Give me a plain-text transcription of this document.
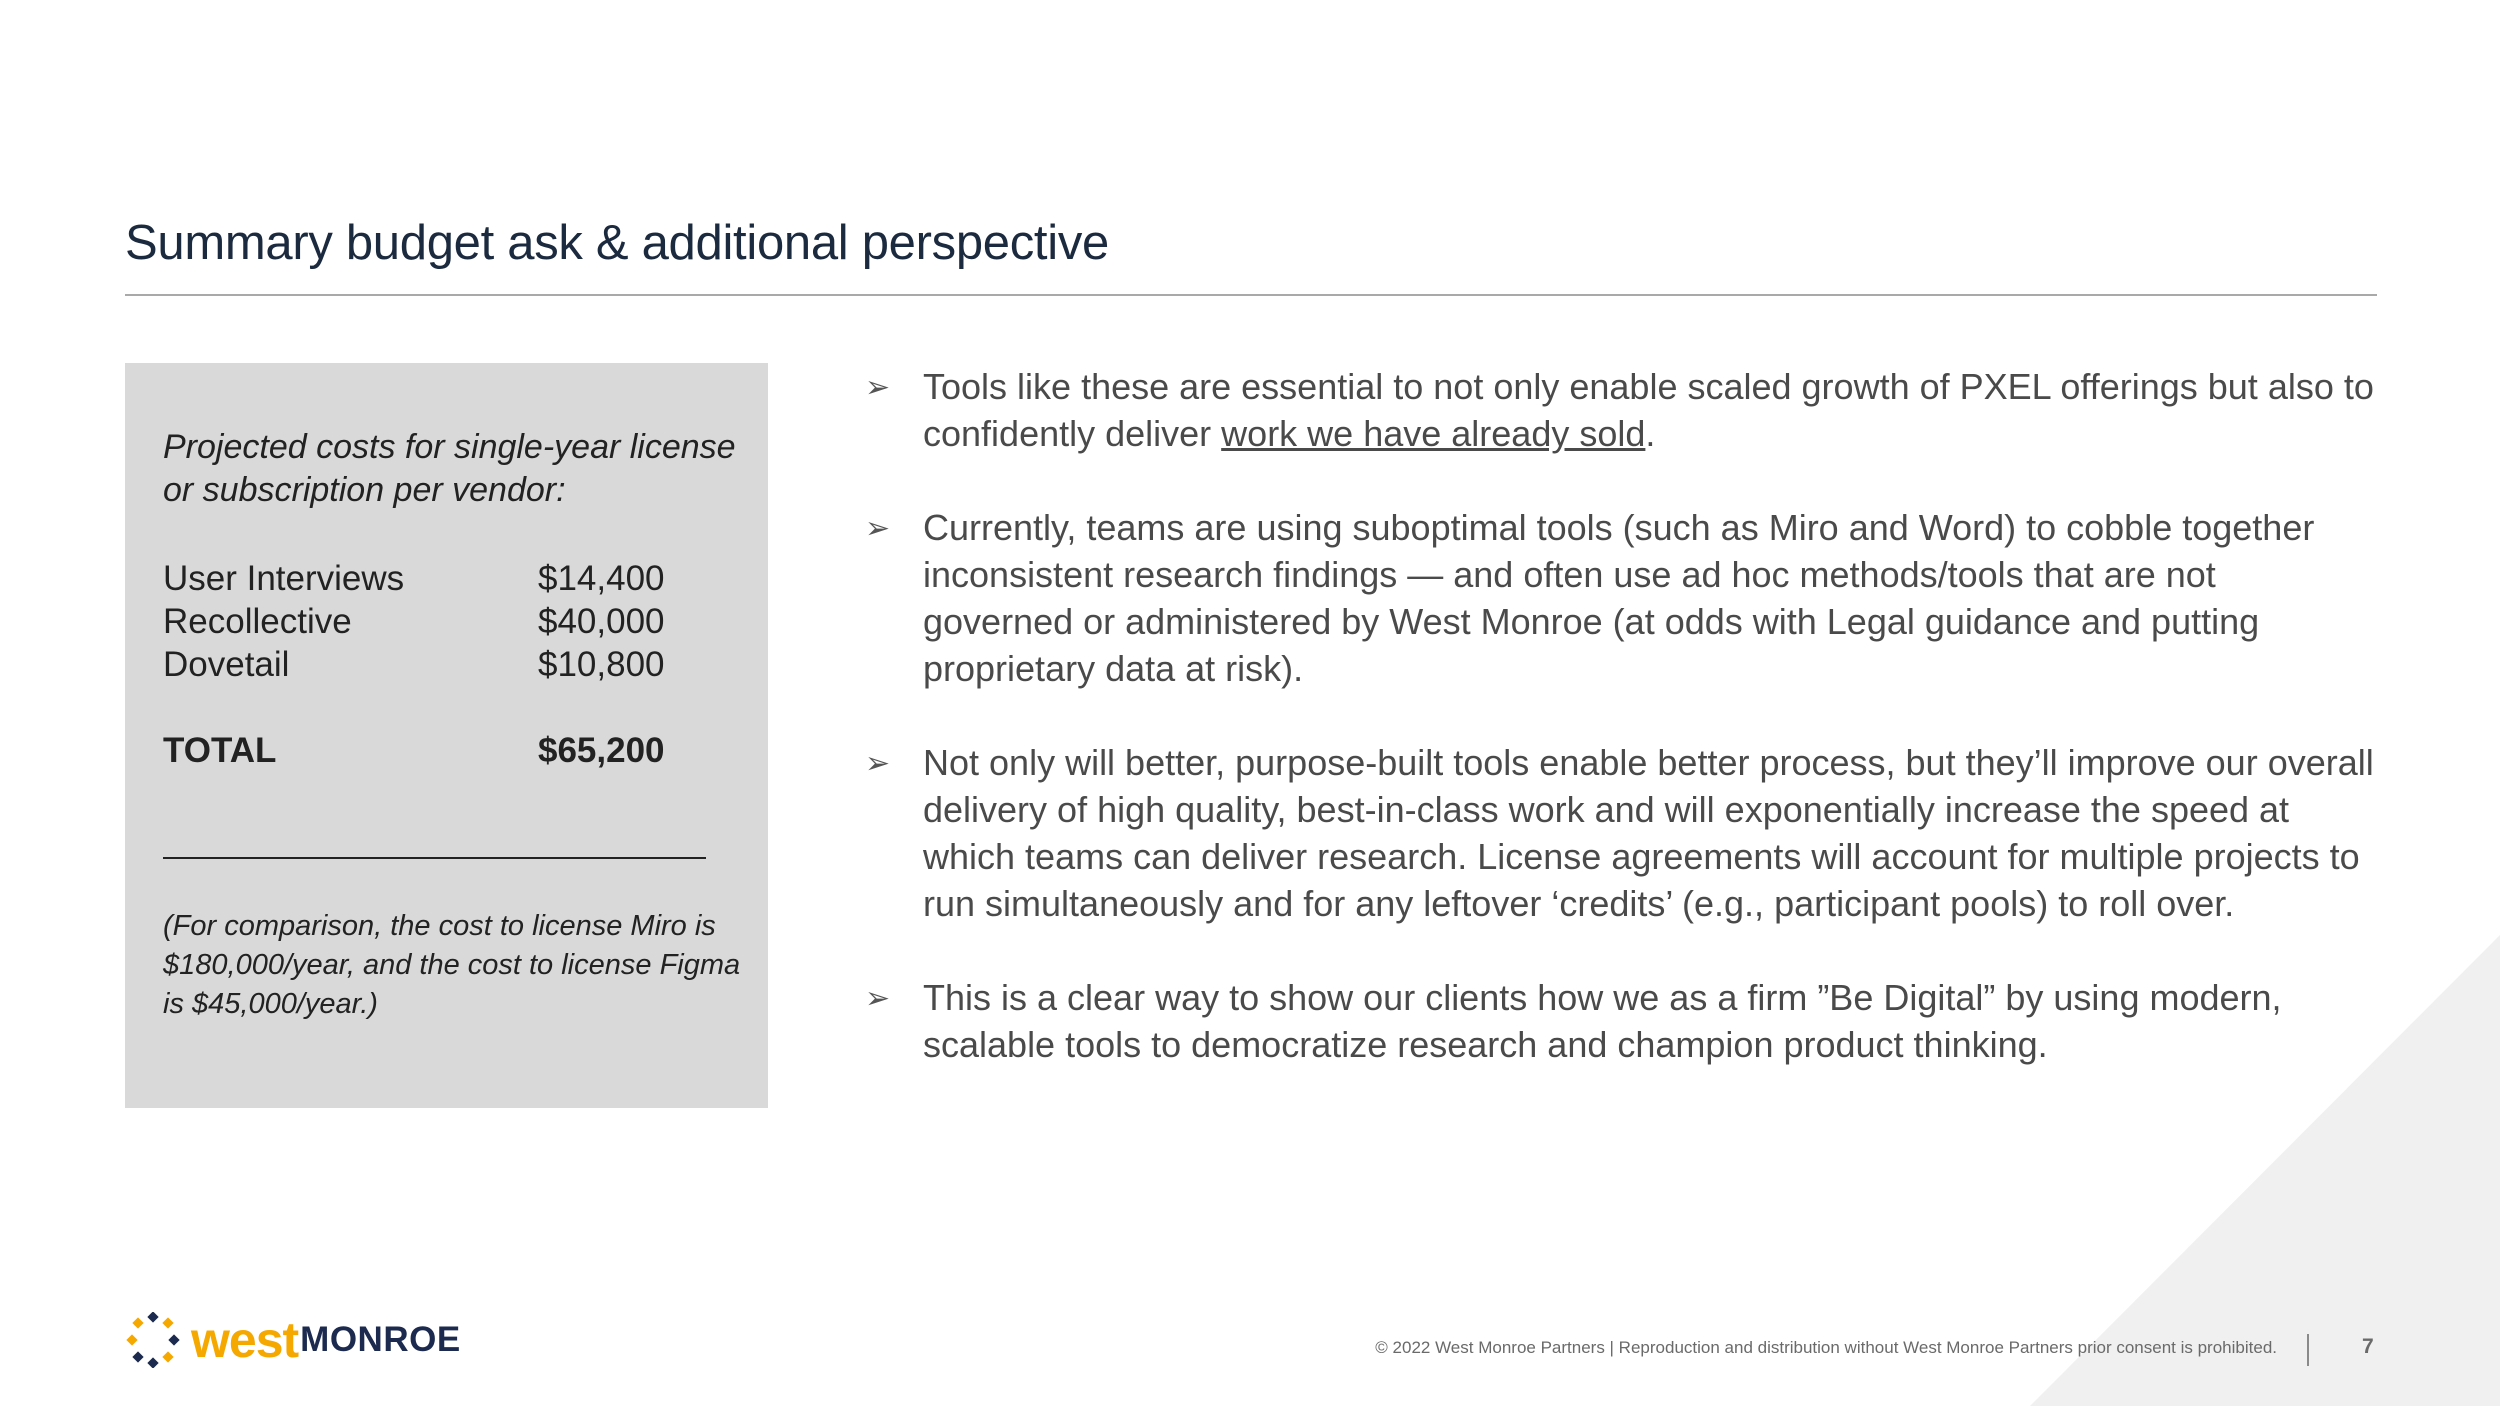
Summary budget ask & additional perspective
Projected costs for single-year license or subscription per vendor:
User Interviews	$14,400
Recollective	$40,000
Dovetail	$10,800
TOTAL	$65,200
(For comparison, the cost to license Miro is $180,000/year, and the cost to license Figma is $45,000/year.)
➢ Tools like these are essential to not only enable scaled growth of PXEL offerings but also to confidently deliver work we have already sold.
➢ Currently, teams are using suboptimal tools (such as Miro and Word) to cobble together inconsistent research findings — and often use ad hoc methods/tools that are not governed or administered by West Monroe (at odds with Legal guidance and putting proprietary data at risk).
➢ Not only will better, purpose-built tools enable better process, but they’ll improve our overall delivery of high quality, best-in-class work and will exponentially increase the speed at which teams can deliver research. License agreements will account for multiple projects to run simultaneously and for any leftover ‘credits’ (e.g., participant pools) to roll over.
➢ This is a clear way to show our clients how we as a firm ”Be Digital” by using modern, scalable tools to democratize research and champion product thinking.
west MONROE	© 2022 West Monroe Partners | Reproduction and distribution without West Monroe Partners prior consent is prohibited.	7
